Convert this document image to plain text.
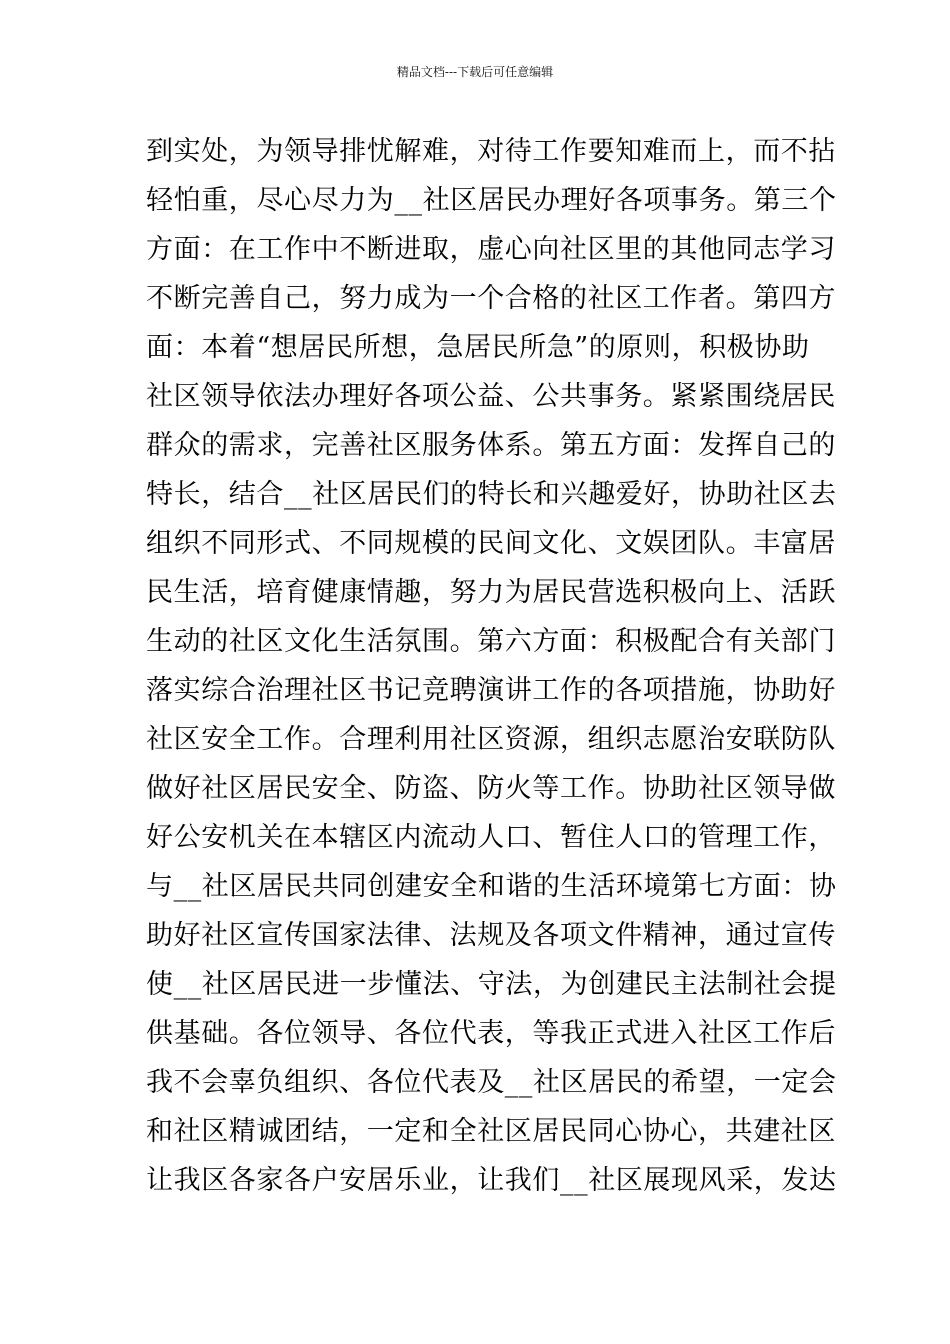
精品文档---下载后可任意编辑
到实处，为领导排忧解难，对待工作要知难而上，而不拈
轻怕重，尽心尽力为__社区居民办理好各项事务。第三个
方面：在工作中不断进取，虚心向社区里的其他同志学习
不断完善自己，努力成为一个合格的社区工作者。第四方
面：本着“想居民所想，急居民所急”的原则，积极协助
社区领导依法办理好各项公益、公共事务。紧紧围绕居民
群众的需求，完善社区服务体系。第五方面：发挥自己的
特长，结合__社区居民们的特长和兴趣爱好，协助社区去
组织不同形式、不同规模的民间文化、文娱团队。丰富居
民生活，培育健康情趣，努力为居民营选积极向上、活跃
生动的社区文化生活氛围。第六方面：积极配合有关部门
落实综合治理社区书记竞聘演讲工作的各项措施，协助好
社区安全工作。合理利用社区资源，组织志愿治安联防队
做好社区居民安全、防盗、防火等工作。协助社区领导做
好公安机关在本辖区内流动人口、暂住人口的管理工作，
与__社区居民共同创建安全和谐的生活环境第七方面：协
助好社区宣传国家法律、法规及各项文件精神，通过宣传
使__社区居民进一步懂法、守法，为创建民主法制社会提
供基础。各位领导、各位代表，等我正式进入社区工作后
我不会辜负组织、各位代表及__社区居民的希望，一定会
和社区精诚团结，一定和全社区居民同心协心，共建社区
让我区各家各户安居乐业，让我们__社区展现风采，发达
